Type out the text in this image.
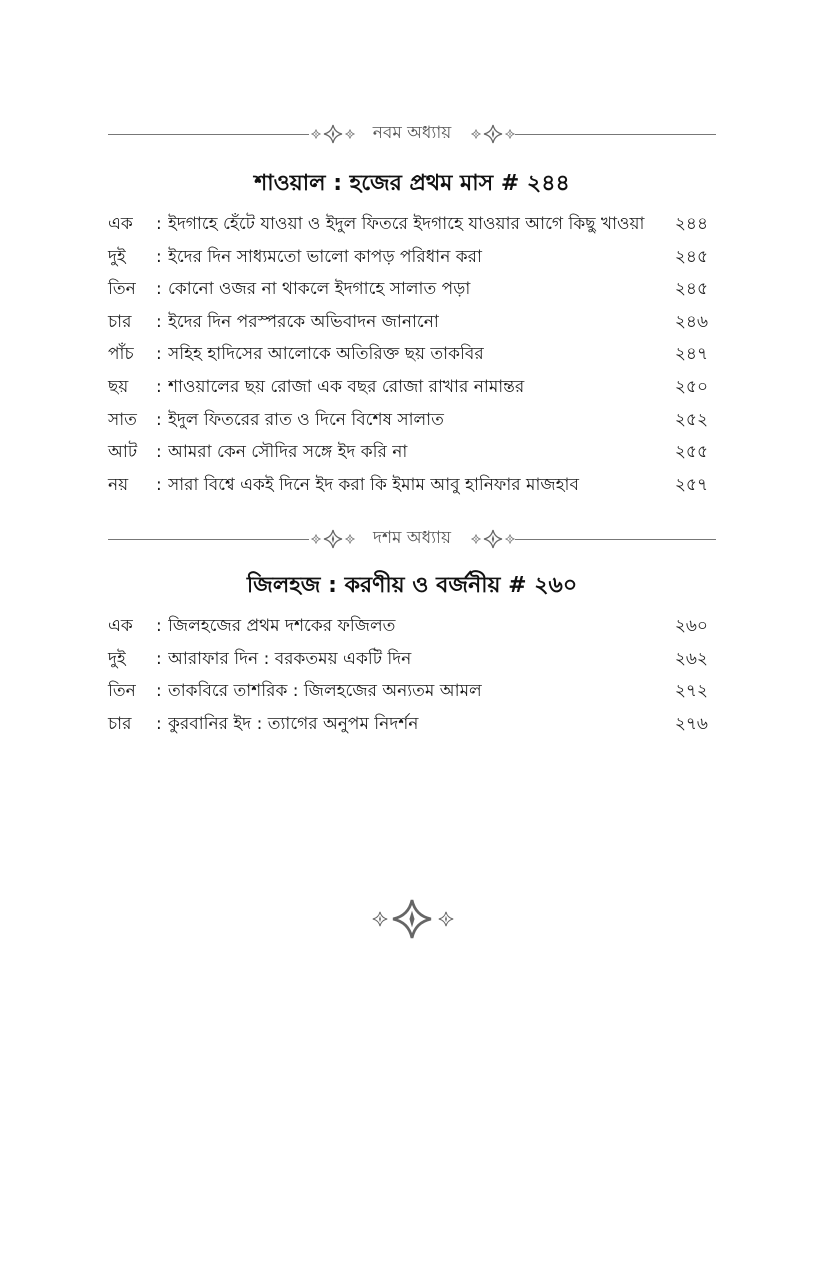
নবম অধ্যায়
শাওয়াল : হজের প্রথম মাস # ২৪৪
এক	: ইদগাহে হেঁটে যাওয়া ও ইদুল ফিতরে ইদগাহে যাওয়ার আগে কিছু খাওয়া	২৪৪
দুই	: ইদের দিন সাধ্যমতো ভালো কাপড় পরিধান করা	২৪৫
তিন	: কোনো ওজর না থাকলে ইদগাহে সালাত পড়া	২৪৫
চার	: ইদের দিন পরস্পরকে অভিবাদন জানানো	২৪৬
পাঁচ	: সহিহ হাদিসের আলোকে অতিরিক্ত ছয় তাকবির	২৪৭
ছয়	: শাওয়ালের ছয় রোজা এক বছর রোজা রাখার নামান্তর	২৫০
সাত	: ইদুল ফিতরের রাত ও দিনে বিশেষ সালাত	২৫২
আট	: আমরা কেন সৌদির সঙ্গে ইদ করি না	২৫৫
নয়	: সারা বিশ্বে একই দিনে ইদ করা কি ইমাম আবু হানিফার মাজহাব	২৫৭
দশম অধ্যায়
জিলহজ : করণীয় ও বর্জনীয় # ২৬০
এক	: জিলহজের প্রথম দশকের ফজিলত	২৬০
দুই	: আরাফার দিন : বরকতময় একটি দিন	২৬২
তিন	: তাকবিরে তাশরিক : জিলহজের অন্যতম আমল	২৭২
চার	: কুরবানির ইদ : ত্যাগের অনুপম নিদর্শন	২৭৬
